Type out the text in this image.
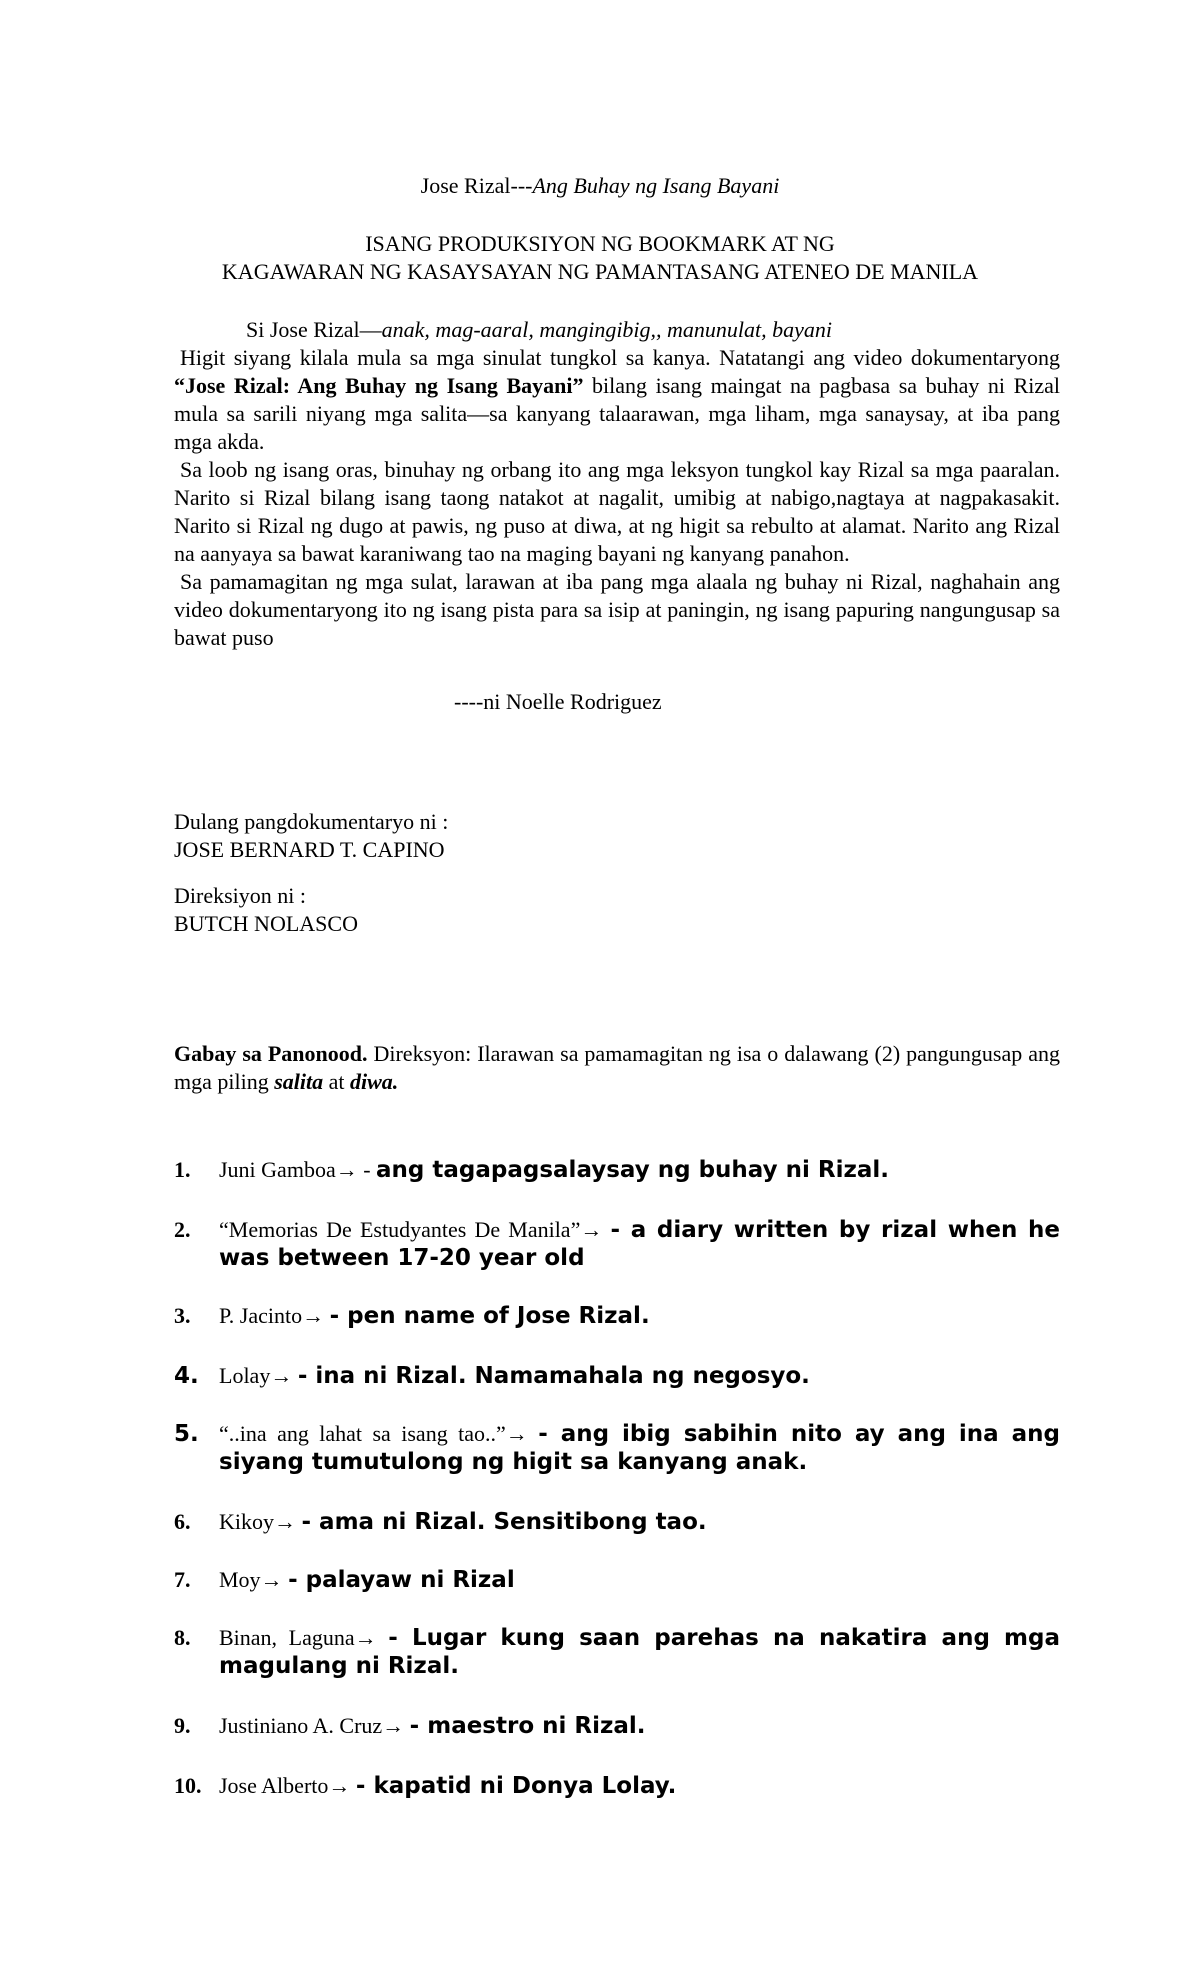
Jose Rizal---Ang Buhay ng Isang Bayani
ISANG PRODUKSIYON NG BOOKMARK AT NG
KAGAWARAN NG KASAYSAYAN NG PAMANTASANG ATENEO DE MANILA
Si Jose Rizal—anak, mag-aaral, mangingibig,, manunulat, bayani

Higit siyang kilala mula sa mga sinulat tungkol sa kanya. Natatangi ang video dokumentaryong “Jose Rizal: Ang Buhay ng Isang Bayani” bilang isang maingat na pagbasa sa buhay ni Rizal mula sa sarili niyang mga salita—sa kanyang talaarawan, mga liham, mga sanaysay, at iba pang mga akda.

Sa loob ng isang oras, binuhay ng orbang ito ang mga leksyon tungkol kay Rizal sa mga paaralan. Narito si Rizal bilang isang taong natakot at nagalit, umibig at nabigo,nagtaya at nagpakasakit. Narito si Rizal ng dugo at pawis, ng puso at diwa, at ng higit sa rebulto at alamat. Narito ang Rizal na aanyaya sa bawat karaniwang tao na maging bayani ng kanyang panahon.

Sa pamamagitan ng mga sulat, larawan at iba pang mga alaala ng buhay ni Rizal, naghahain ang video dokumentaryong ito ng isang pista para sa isip at paningin, ng isang papuring nangungusap sa bawat puso

----ni Noelle Rodriguez
Dulang pangdokumentaryo ni :
JOSE BERNARD T. CAPINO
Direksiyon ni :
BUTCH NOLASCO
Gabay sa Panonood. Direksyon: Ilarawan sa pamamagitan ng isa o dalawang (2) pangungusap ang mga piling salita at diwa.
1.	Juni Gamboa→ - ang tagapagsalaysay ng buhay ni Rizal.
2.	“Memorias De Estudyantes De Manila”→ - a diary written by rizal when he was between 17-20 year old
3.	P. Jacinto→ - pen name of Jose Rizal.
4. Lolay→ - ina ni Rizal. Namamahala ng negosyo.
5. “..ina ang lahat sa isang tao..”→ - ang ibig sabihin nito ay ang ina ang siyang tumutulong ng higit sa kanyang anak.
6.	Kikoy→ - ama ni Rizal. Sensitibong tao.
7.	Moy→ - palayaw ni Rizal
8.	Binan, Laguna→ - Lugar kung saan parehas na nakatira ang mga magulang ni Rizal.
9.	Justiniano A. Cruz→ - maestro ni Rizal.
10. Jose Alberto→ - kapatid ni Donya Lolay.
